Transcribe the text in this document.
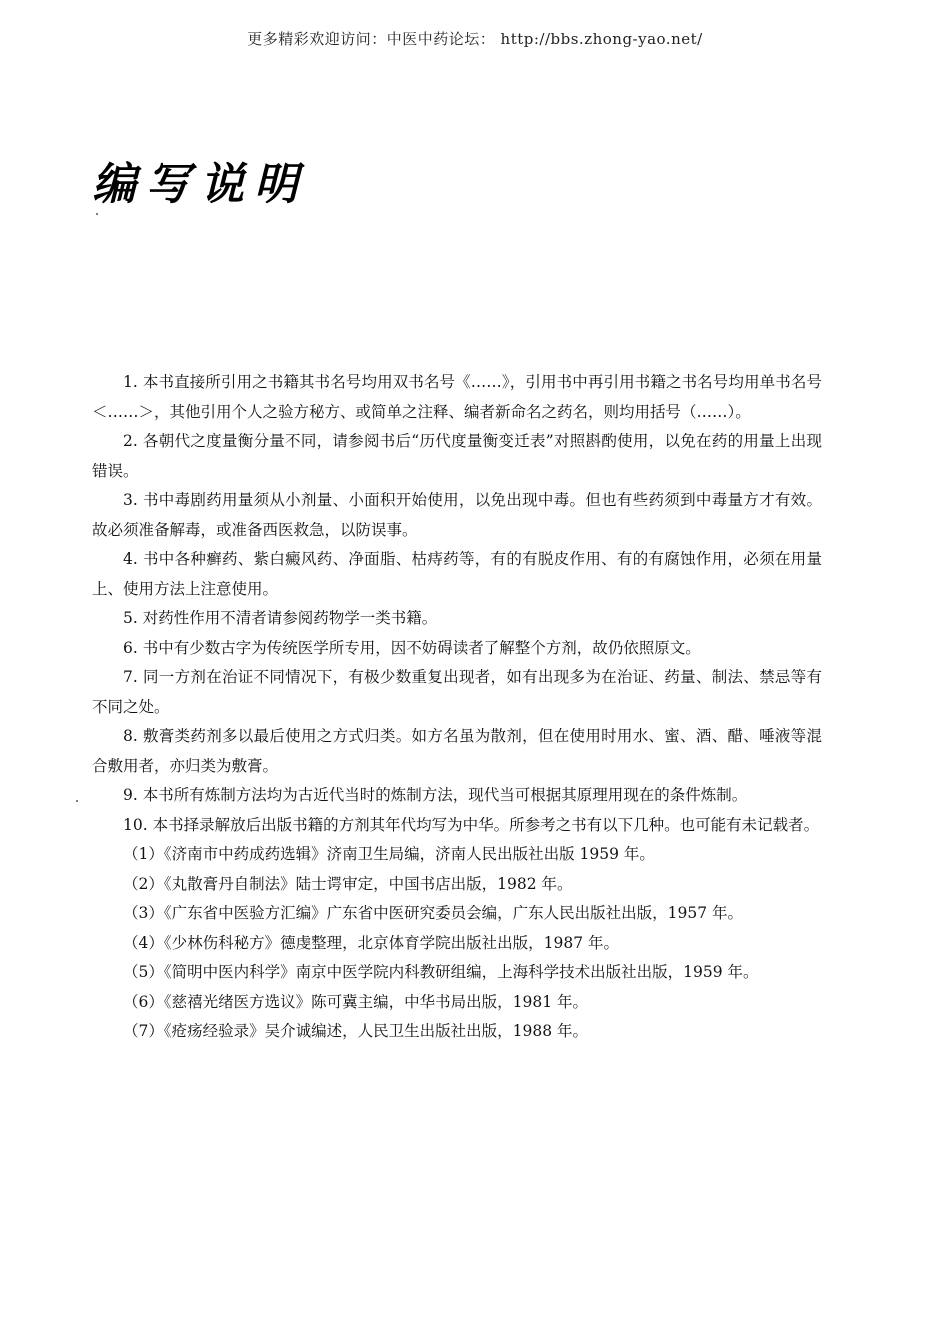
更多精彩欢迎访问：中医中药论坛： http://bbs.zhong-yao.net/
编写说明

1. 本书直接所引用之书籍其书名号均用双书名号《……》，引用书中再引用书籍之书名号均用单书名号＜……＞，其他引用个人之验方秘方、或简单之注释、编者新命名之药名，则均用括号（……）。

2. 各朝代之度量衡分量不同，请参阅书后“历代度量衡变迁表”对照斟酌使用，以免在药的用量上出现错误。

3. 书中毒剧药用量须从小剂量、小面积开始使用，以免出现中毒。但也有些药须到中毒量方才有效。故必须准备解毒，或准备西医救急，以防误事。

4. 书中各种癣药、紫白癜风药、净面脂、枯痔药等，有的有脱皮作用、有的有腐蚀作用，必须在用量上、使用方法上注意使用。

5. 对药性作用不清者请参阅药物学一类书籍。

6. 书中有少数古字为传统医学所专用，因不妨碍读者了解整个方剂，故仍依照原文。

7. 同一方剂在治证不同情况下，有极少数重复出现者，如有出现多为在治证、药量、制法、禁忌等有不同之处。

8. 敷膏类药剂多以最后使用之方式归类。如方名虽为散剂，但在使用时用水、蜜、酒、醋、唾液等混合敷用者，亦归类为敷膏。

9. 本书所有炼制方法均为古近代当时的炼制方法，现代当可根据其原理用现在的条件炼制。

10. 本书择录解放后出版书籍的方剂其年代均写为中华。所参考之书有以下几种。也可能有未记载者。

（1）《济南市中药成药选辑》济南卫生局编，济南人民出版社出版 1959 年。
（2）《丸散膏丹自制法》陆士谔审定，中国书店出版，1982 年。
（3）《广东省中医验方汇编》广东省中医研究委员会编，广东人民出版社出版，1957 年。
（4）《少林伤科秘方》德虔整理，北京体育学院出版社出版，1987 年。
（5）《简明中医内科学》南京中医学院内科教研组编，上海科学技术出版社出版，1959 年。
（6）《慈禧光绪医方选议》陈可冀主编，中华书局出版，1981 年。
（7）《疮疡经验录》吴介诚编述，人民卫生出版社出版，1988 年。
